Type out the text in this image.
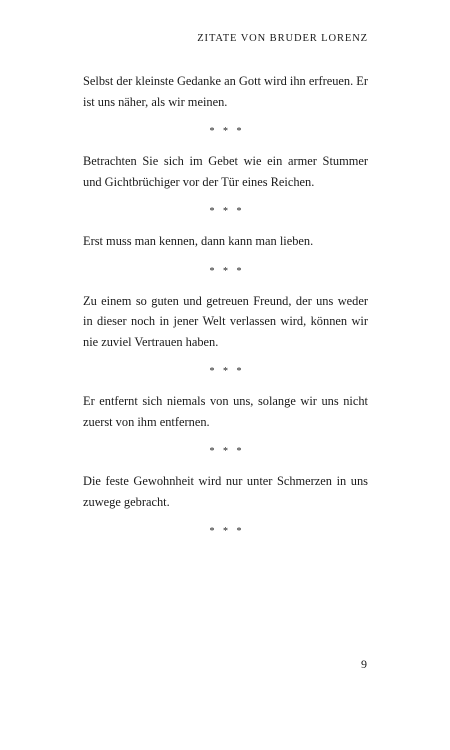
ZITATE VON BRUDER LORENZ

Selbst der kleinste Gedanke an Gott wird ihn erfreuen. Er ist uns näher, als wir meinen.

* * *

Betrachten Sie sich im Gebet wie ein armer Stummer und Gichtbrüchiger vor der Tür eines Reichen.

* * *

Erst muss man kennen, dann kann man lieben.

* * *

Zu einem so guten und getreuen Freund, der uns weder in dieser noch in jener Welt verlassen wird, können wir nie zuviel Vertrauen haben.

* * *

Er entfernt sich niemals von uns, solange wir uns nicht zuerst von ihm entfernen.

* * *

Die feste Gewohnheit wird nur unter Schmerzen in uns zuwege gebracht.

* * *
9
